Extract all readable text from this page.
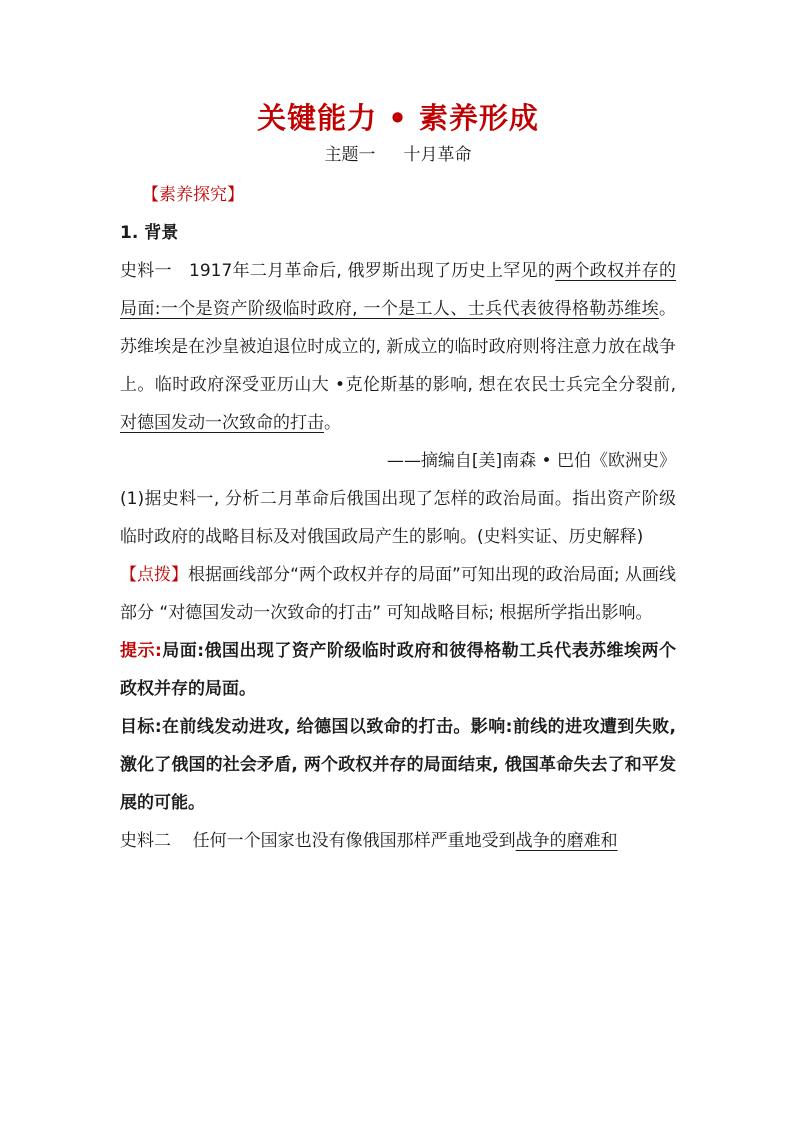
关键能力 • 素养形成
主题一 十月革命
【素养探究】
1. 背景

史料一 1917年二月革命后, 俄罗斯出现了历史上罕见的两个政权并存的局面:一个是资产阶级临时政府, 一个是工人、士兵代表彼得格勒苏维埃。苏维埃是在沙皇被迫退位时成立的, 新成立的临时政府则将注意力放在战争上。临时政府深受亚历山大 •克伦斯基的影响, 想在农民士兵完全分裂前, 对德国发动一次致命的打击。

——摘编自[美]南森 • 巴伯《欧洲史》

(1)据史料一, 分析二月革命后俄国出现了怎样的政治局面。指出资产阶级临时政府的战略目标及对俄国政局产生的影响。(史料实证、历史解释)

【点拨】根据画线部分“两个政权并存的局面”可知出现的政治局面; 从画线部分 “对德国发动一次致命的打击” 可知战略目标; 根据所学指出影响。

提示:局面:俄国出现了资产阶级临时政府和彼得格勒工兵代表苏维埃两个政权并存的局面。

目标:在前线发动进攻, 给德国以致命的打击。影响:前线的进攻遭到失败, 激化了俄国的社会矛盾, 两个政权并存的局面结束, 俄国革命失去了和平发展的可能。

史料二 任何一个国家也没有像俄国那样严重地受到战争的磨难和
